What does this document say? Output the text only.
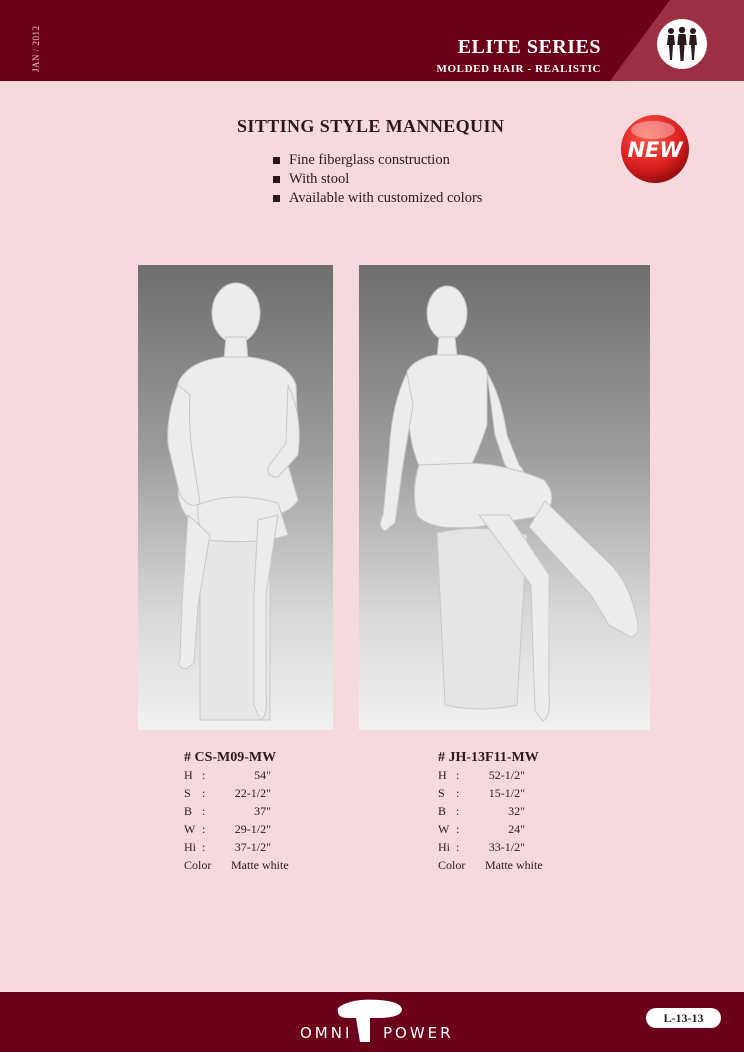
JAN / 2012	ELITE SERIES
MOLDED HAIR - REALISTIC
SITTING STYLE MANNEQUIN
NEW
Fine fiberglass construction
With stool
Available with customized colors
# CS-M09-MW
H :	54"
S :	22-1/2"
B :	37"
W :	29-1/2"
Hi :	37-1/2"
Color	Matte white
# JH-13F11-MW
H :	52-1/2"
S :	15-1/2"
B :	32"
W :	24"
Hi :	33-1/2"
Color	Matte white
OMNI POWER
L-13-13
